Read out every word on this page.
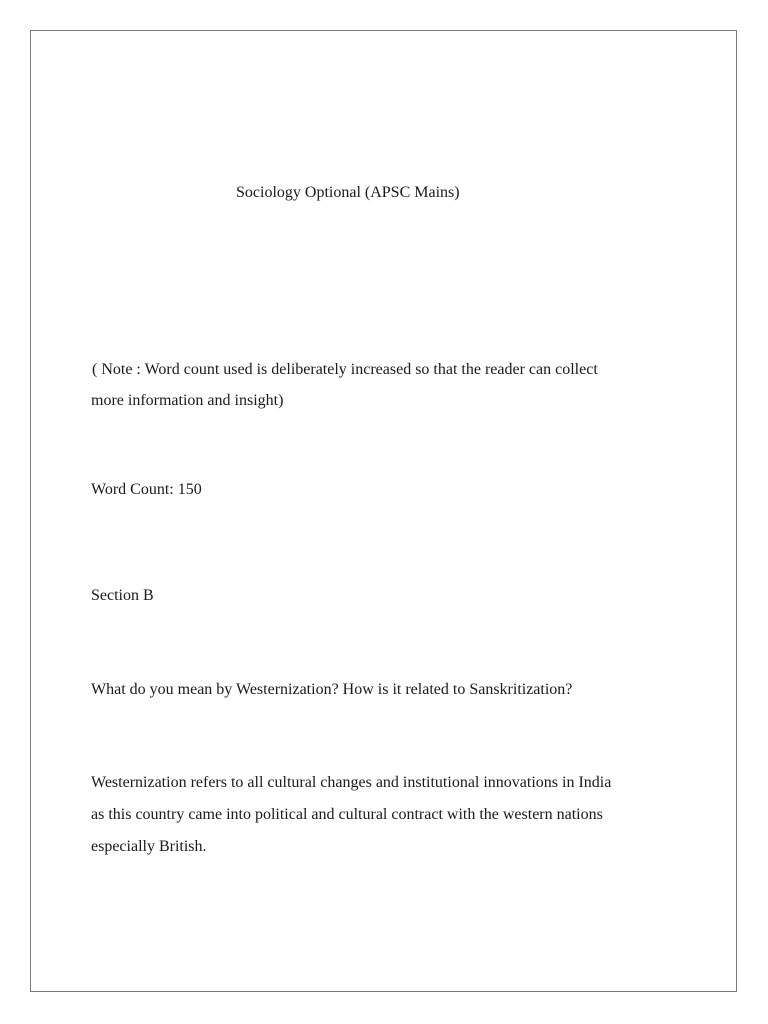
Sociology Optional (APSC Mains)
( Note : Word count used is deliberately increased so that the reader can collect
more information and insight)
Word Count: 150
Section B
What do you mean by Westernization? How is it related to Sanskritization?
Westernization refers to all cultural changes and institutional innovations in India
as this country came into political and cultural contract with the western nations
especially British.
